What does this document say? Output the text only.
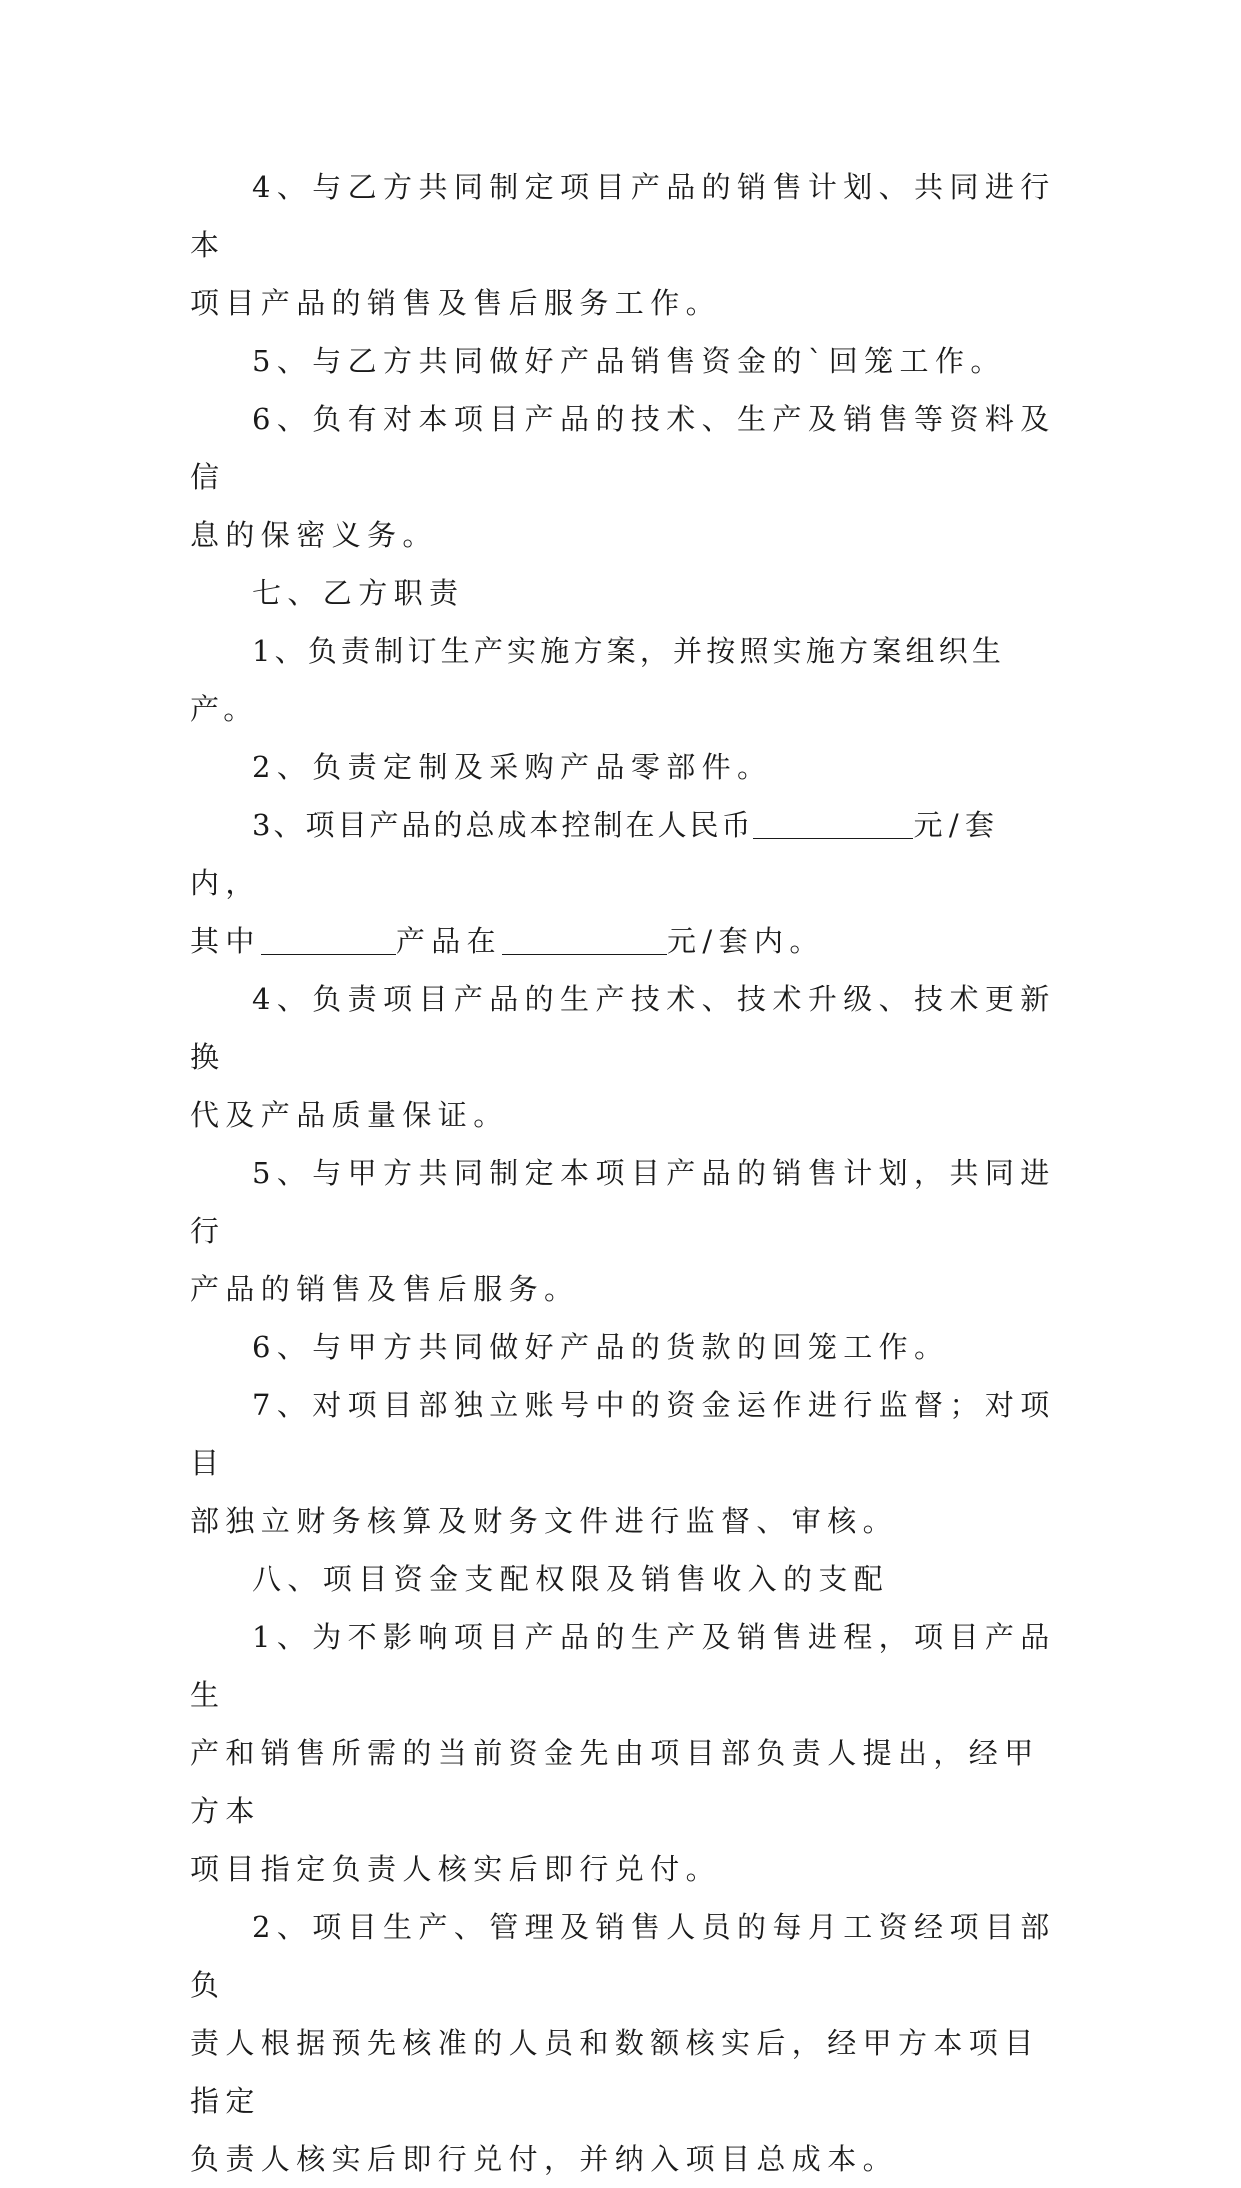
4、与乙方共同制定项目产品的销售计划、共同进行本
项目产品的销售及售后服务工作。

5、与乙方共同做好产品销售资金的`回笼工作。

6、负有对本项目产品的技术、生产及销售等资料及信
息的保密义务。

七、乙方职责

1、负责制订生产实施方案，并按照实施方案组织生产。

2、负责定制及采购产品零部件。

3、项目产品的总成本控制在人民币	元/套内，
其中	产品在	元/套内。

4、负责项目产品的生产技术、技术升级、技术更新换
代及产品质量保证。

5、与甲方共同制定本项目产品的销售计划，共同进行
产品的销售及售后服务。

6、与甲方共同做好产品的货款的回笼工作。

7、对项目部独立账号中的资金运作进行监督；对项目
部独立财务核算及财务文件进行监督、审核。

八、项目资金支配权限及销售收入的支配

1、为不影响项目产品的生产及销售进程，项目产品生
产和销售所需的当前资金先由项目部负责人提出，经甲方本
项目指定负责人核实后即行兑付。

2、项目生产、管理及销售人员的每月工资经项目部负
责人根据预先核准的人员和数额核实后，经甲方本项目指定
负责人核实后即行兑付，并纳入项目总成本。
